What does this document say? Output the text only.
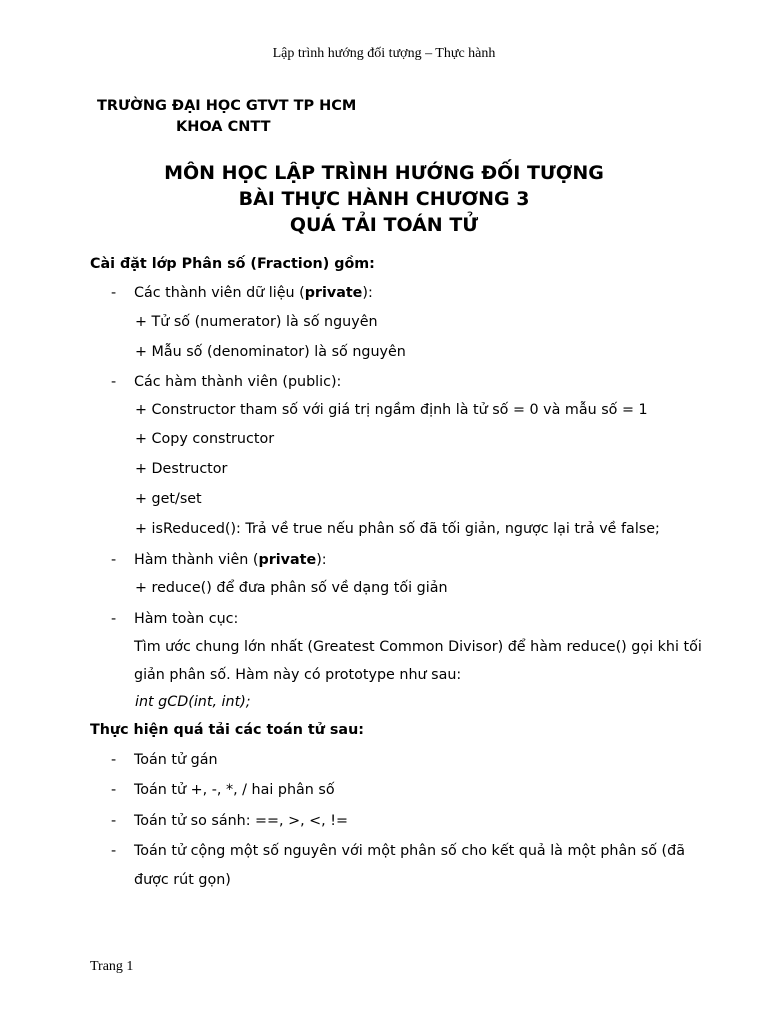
Lập trình hướng đối tượng – Thực hành
TRƯỜNG ĐẠI HỌC GTVT TP HCM
KHOA CNTT
MÔN HỌC LẬP TRÌNH HƯỚNG ĐỐI TƯỢNG
BÀI THỰC HÀNH CHƯƠNG 3
QUÁ TẢI TOÁN TỬ
Cài đặt lớp Phân số (Fraction) gồm:
- Các thành viên dữ liệu (private):
+ Tử số (numerator) là số nguyên
+ Mẫu số (denominator) là số nguyên
- Các hàm thành viên (public):
+ Constructor tham số với giá trị ngầm định là tử số = 0 và mẫu số = 1
+ Copy constructor
+ Destructor
+ get/set
+ isReduced(): Trả về true nếu phân số đã tối giản, ngược lại trả về false;
- Hàm thành viên (private):
+ reduce() để đưa phân số về dạng tối giản
- Hàm toàn cục:
Tìm ước chung lớn nhất (Greatest Common Divisor) để hàm reduce() gọi khi tối
giản phân số. Hàm này có prototype như sau:
int gCD(int, int);
Thực hiện quá tải các toán tử sau:
- Toán tử gán
- Toán tử +, -, *, / hai phân số
- Toán tử so sánh: ==, >, <, !=
- Toán tử cộng một số nguyên với một phân số cho kết quả là một phân số (đã
được rút gọn)
Trang 1
